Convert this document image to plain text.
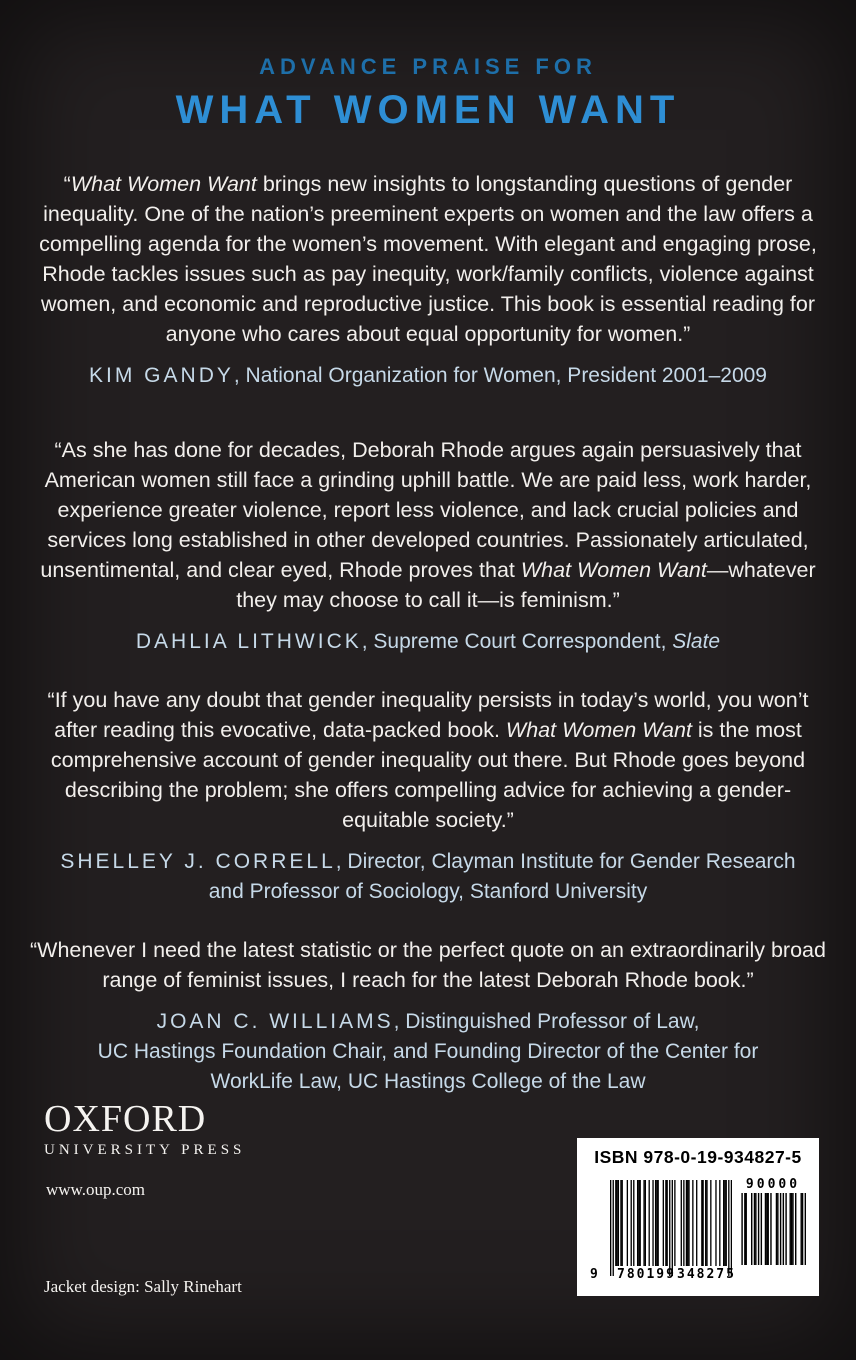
ADVANCE PRAISE FOR
WHAT WOMEN WANT
“What Women Want brings new insights to longstanding questions of gender inequality. One of the nation’s preeminent experts on women and the law offers a compelling agenda for the women’s movement. With elegant and engaging prose, Rhode tackles issues such as pay inequity, work/family conflicts, violence against women, and economic and reproductive justice. This book is essential reading for anyone who cares about equal opportunity for women.”
KIM GANDY, National Organization for Women, President 2001–2009
“As she has done for decades, Deborah Rhode argues again persuasively that American women still face a grinding uphill battle. We are paid less, work harder, experience greater violence, report less violence, and lack crucial policies and services long established in other developed countries. Passionately articulated, unsentimental, and clear eyed, Rhode proves that What Women Want—whatever they may choose to call it—is feminism.”
DAHLIA LITHWICK, Supreme Court Correspondent, Slate
“If you have any doubt that gender inequality persists in today’s world, you won’t after reading this evocative, data-packed book. What Women Want is the most comprehensive account of gender inequality out there. But Rhode goes beyond describing the problem; she offers compelling advice for achieving a gender-equitable society.”
SHELLEY J. CORRELL, Director, Clayman Institute for Gender Research
and Professor of Sociology, Stanford University
“Whenever I need the latest statistic or the perfect quote on an extraordinarily broad range of feminist issues, I reach for the latest Deborah Rhode book.”
JOAN C. WILLIAMS, Distinguished Professor of Law,
UC Hastings Foundation Chair, and Founding Director of the Center for
WorkLife Law, UC Hastings College of the Law
OXFORD
UNIVERSITY PRESS
www.oup.com
Jacket design: Sally Rinehart
ISBN 978-0-19-934827-5
90000
9 780199 348275
